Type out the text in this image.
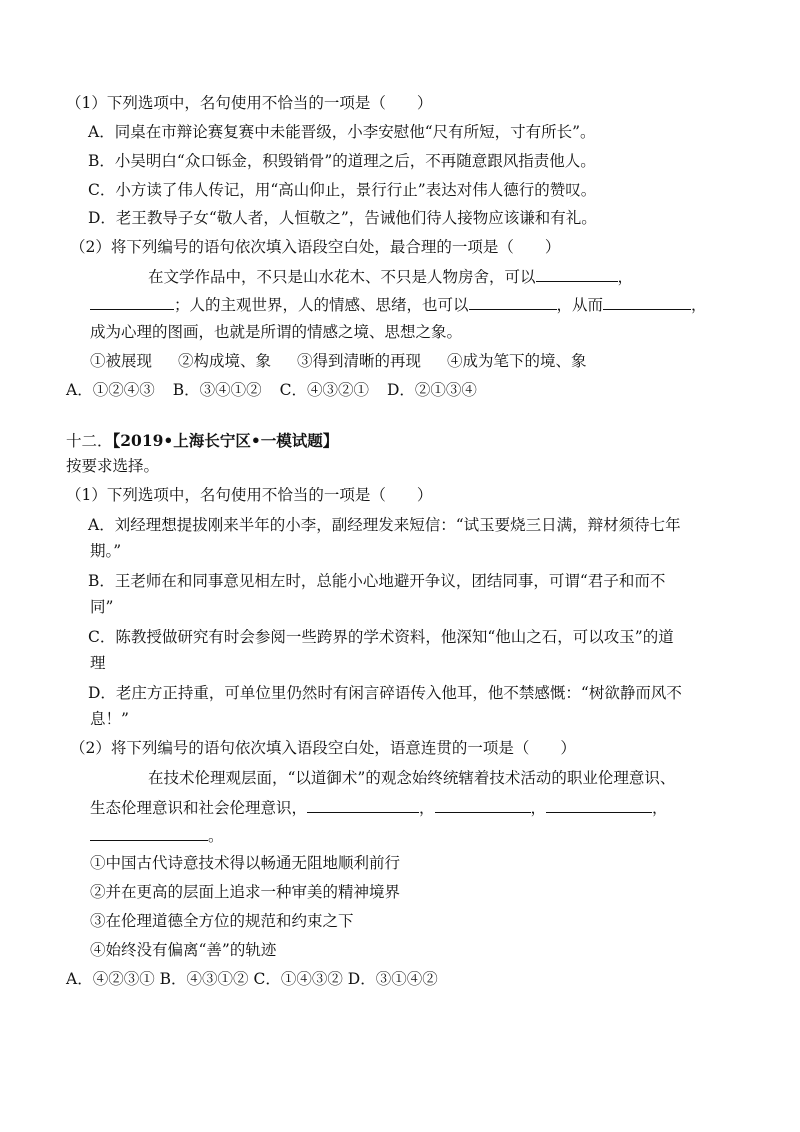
（1）下列选项中，名句使用不恰当的一项是（　　）
A．同桌在市辩论赛复赛中未能晋级，小李安慰他“尺有所短，寸有所长”。
B．小吴明白“众口铄金，积毁销骨”的道理之后，不再随意跟风指责他人。
C．小方读了伟人传记，用“高山仰止，景行行止”表达对伟人德行的赞叹。
D．老王教导子女“敬人者，人恒敬之”，告诫他们待人接物应该谦和有礼。
（2）将下列编号的语句依次填入语段空白处，最合理的一项是（　　）
在文学作品中，不只是山水花木、不只是人物房舍，可以	，
；人的主观世界，人的情感、思绪，也可以	，从而	，
成为心理的图画，也就是所谓的情感之境、思想之象。
①被展现 ②构成境、象 ③得到清晰的再现 ④成为笔下的境、象
A．①②④③ B．③④①② C．④③②① D．②①③④
十二．【2019•上海长宁区•一模试题】
按要求选择。
（1）下列选项中，名句使用不恰当的一项是（　　）
A．刘经理想提拔刚来半年的小李，副经理发来短信：“试玉要烧三日满，辩材须待七年
期。”
B．王老师在和同事意见相左时，总能小心地避开争议，团结同事，可谓“君子和而不
同”
C．陈教授做研究有时会参阅一些跨界的学术资料，他深知“他山之石，可以攻玉”的道
理
D．老庄方正持重，可单位里仍然时有闲言碎语传入他耳，他不禁感慨：“树欲静而风不
息！”
（2）将下列编号的语句依次填入语段空白处，语意连贯的一项是（　　）
在技术伦理观层面，“以道御术”的观念始终统辖着技术活动的职业伦理意识、
生态伦理意识和社会伦理意识，	，	，	，
。
①中国古代诗意技术得以畅通无阻地顺利前行
②并在更高的层面上追求一种审美的精神境界
③在伦理道德全方位的规范和约束之下
④始终没有偏离“善”的轨迹
A．④②③① B．④③①② C．①④③② D．③①④②
